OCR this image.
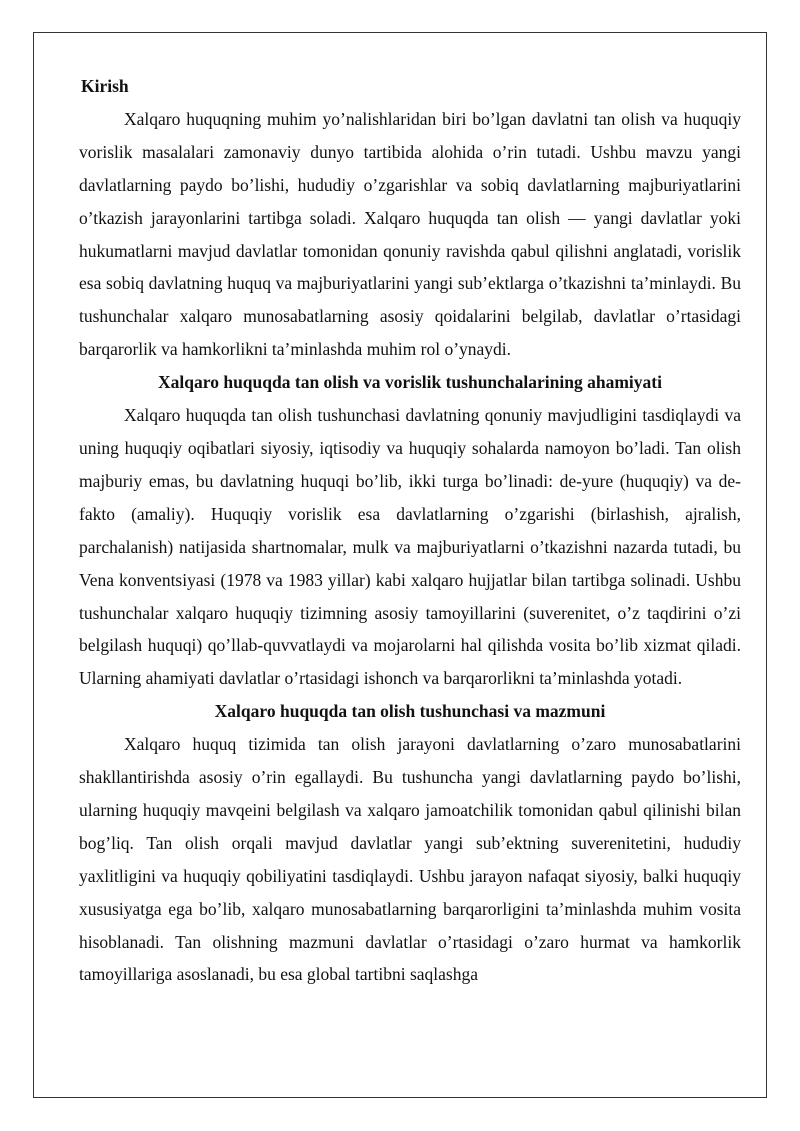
Kirish

Xalqaro huquqning muhim yo’nalishlaridan biri bo’lgan davlatni tan olish va huquqiy vorislik masalalari zamonaviy dunyo tartibida alohida o’rin tutadi. Ushbu mavzu yangi davlatlarning paydo bo’lishi, hududiy o’zgarishlar va sobiq davlatlarning majburiyatlarini o’tkazish jarayonlarini tartibga soladi. Xalqaro huquqda tan olish — yangi davlatlar yoki hukumatlarni mavjud davlatlar tomonidan qonuniy ravishda qabul qilishni anglatadi, vorislik esa sobiq davlatning huquq va majburiyatlarini yangi sub’ektlarga o’tkazishni ta’minlaydi. Bu tushunchalar xalqaro munosabatlarning asosiy qoidalarini belgilab, davlatlar o’rtasidagi barqarorlik va hamkorlikni ta’minlashda muhim rol o’ynaydi.

Xalqaro huquqda tan olish va vorislik tushunchalarining ahamiyati

Xalqaro huquqda tan olish tushunchasi davlatning qonuniy mavjudligini tasdiqlaydi va uning huquqiy oqibatlari siyosiy, iqtisodiy va huquqiy sohalarda namoyon bo’ladi. Tan olish majburiy emas, bu davlatning huquqi bo’lib, ikki turga bo’linadi: de-yure (huquqiy) va de-fakto (amaliy). Huquqiy vorislik esa davlatlarning o’zgarishi (birlashish, ajralish, parchalanish) natijasida shartnomalar, mulk va majburiyatlarni o’tkazishni nazarda tutadi, bu Vena konventsiyasi (1978 va 1983 yillar) kabi xalqaro hujjatlar bilan tartibga solinadi. Ushbu tushunchalar xalqaro huquqiy tizimning asosiy tamoyillarini (suverenitet, o’z taqdirini o’zi belgilash huquqi) qo’llab-quvvatlaydi va mojarolarni hal qilishda vosita bo’lib xizmat qiladi. Ularning ahamiyati davlatlar o’rtasidagi ishonch va barqarorlikni ta’minlashda yotadi.

Xalqaro huquqda tan olish tushunchasi va mazmuni

Xalqaro huquq tizimida tan olish jarayoni davlatlarning o’zaro munosabatlarini shakllantirishda asosiy o’rin egallaydi. Bu tushuncha yangi davlatlarning paydo bo’lishi, ularning huquqiy mavqeini belgilash va xalqaro jamoatchilik tomonidan qabul qilinishi bilan bog’liq. Tan olish orqali mavjud davlatlar yangi sub’ektning suverenitetini, hududiy yaxlitligini va huquqiy qobiliyatini tasdiqlaydi. Ushbu jarayon nafaqat siyosiy, balki huquqiy xususiyatga ega bo’lib, xalqaro munosabatlarning barqarorligini ta’minlashda muhim vosita hisoblanadi. Tan olishning mazmuni davlatlar o’rtasidagi o’zaro hurmat va hamkorlik tamoyillariga asoslanadi, bu esa global tartibni saqlashga
